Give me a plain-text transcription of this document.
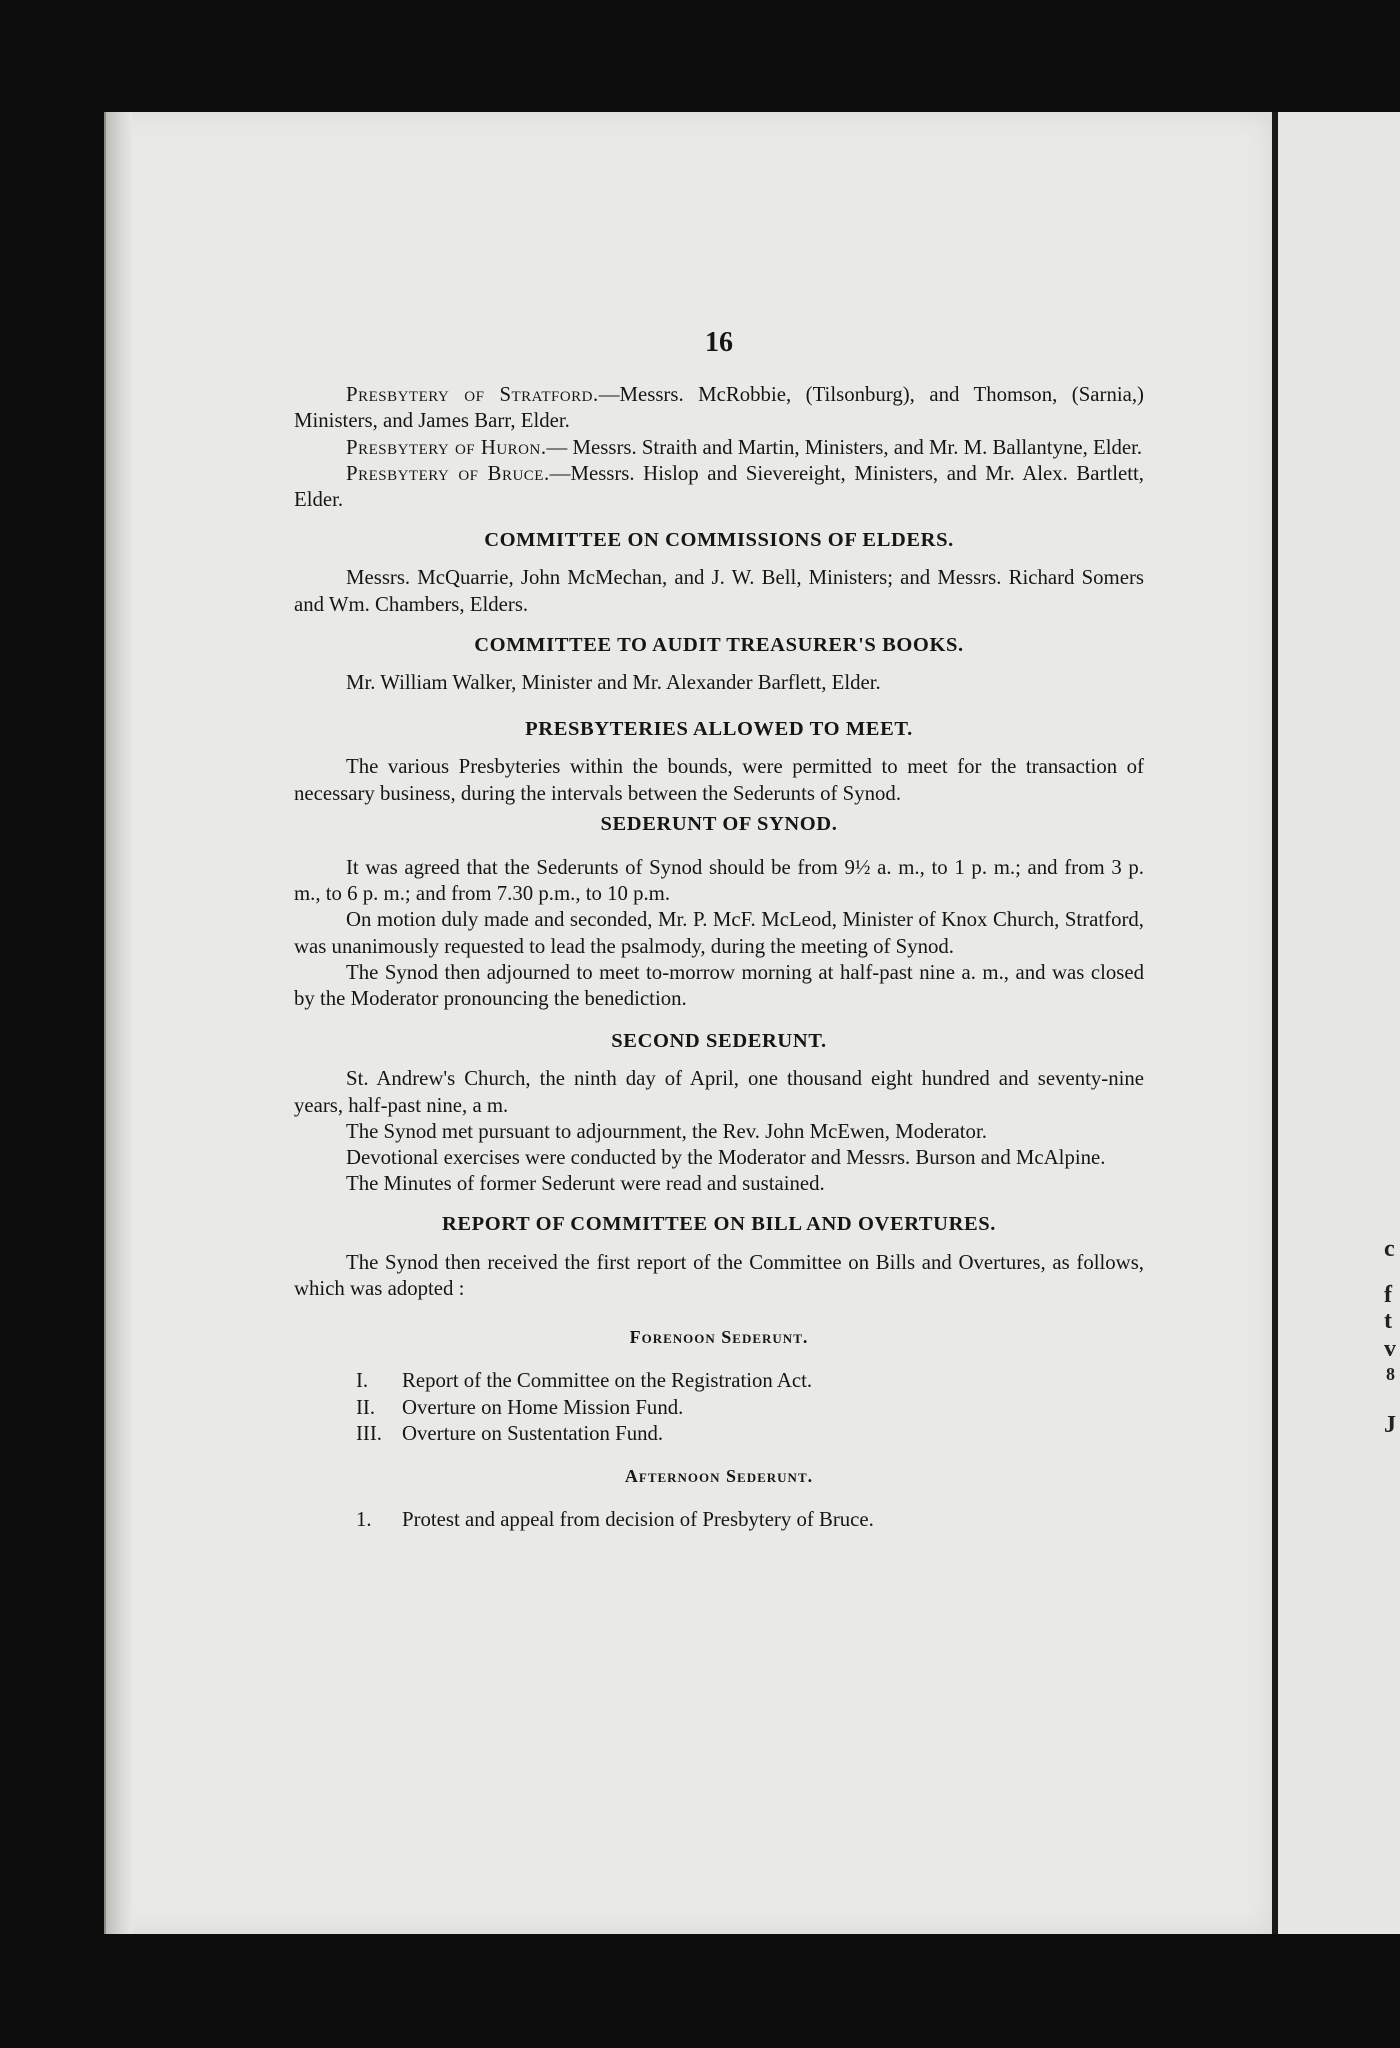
c
f
t
v
8
J
16

Presbytery of Stratford.—Messrs. McRobbie, (Tilsonburg), and Thomson, (Sarnia,) Ministers, and James Barr, Elder.

Presbytery of Huron.— Messrs. Straith and Martin, Ministers, and Mr. M. Ballantyne, Elder.

Presbytery of Bruce.—Messrs. Hislop and Sievereight, Ministers, and Mr. Alex. Bartlett, Elder.

COMMITTEE ON COMMISSIONS OF ELDERS.

Messrs. McQuarrie, John McMechan, and J. W. Bell, Ministers; and Messrs. Richard Somers and Wm. Chambers, Elders.

COMMITTEE TO AUDIT TREASURER'S BOOKS.

Mr. William Walker, Minister and Mr. Alexander Barflett, Elder.

PRESBYTERIES ALLOWED TO MEET.

The various Presbyteries within the bounds, were permitted to meet for the transaction of necessary business, during the intervals between the Sederunts of Synod.

SEDERUNT OF SYNOD.

It was agreed that the Sederunts of Synod should be from 9½ a. m., to 1 p. m.; and from 3 p. m., to 6 p. m.; and from 7.30 p.m., to 10 p.m.

On motion duly made and seconded, Mr. P. McF. McLeod, Minister of Knox Church, Stratford, was unanimously requested to lead the psalmody, during the meeting of Synod.

The Synod then adjourned to meet to-morrow morning at half-past nine a. m., and was closed by the Moderator pronouncing the benediction.

SECOND SEDERUNT.

St. Andrew's Church, the ninth day of April, one thousand eight hundred and seventy-nine years, half-past nine, a m.

The Synod met pursuant to adjournment, the Rev. John McEwen, Moderator.

Devotional exercises were conducted by the Moderator and Messrs. Burson and McAlpine.

The Minutes of former Sederunt were read and sustained.

REPORT OF COMMITTEE ON BILL AND OVERTURES.

The Synod then received the first report of the Committee on Bills and Overtures, as follows, which was adopted :

Forenoon Sederunt.
I.	Report of the Committee on the Registration Act.
II.	Overture on Home Mission Fund.
III. Overture on Sustentation Fund.
Afternoon Sederunt.
1.	Protest and appeal from decision of Presbytery of Bruce.
